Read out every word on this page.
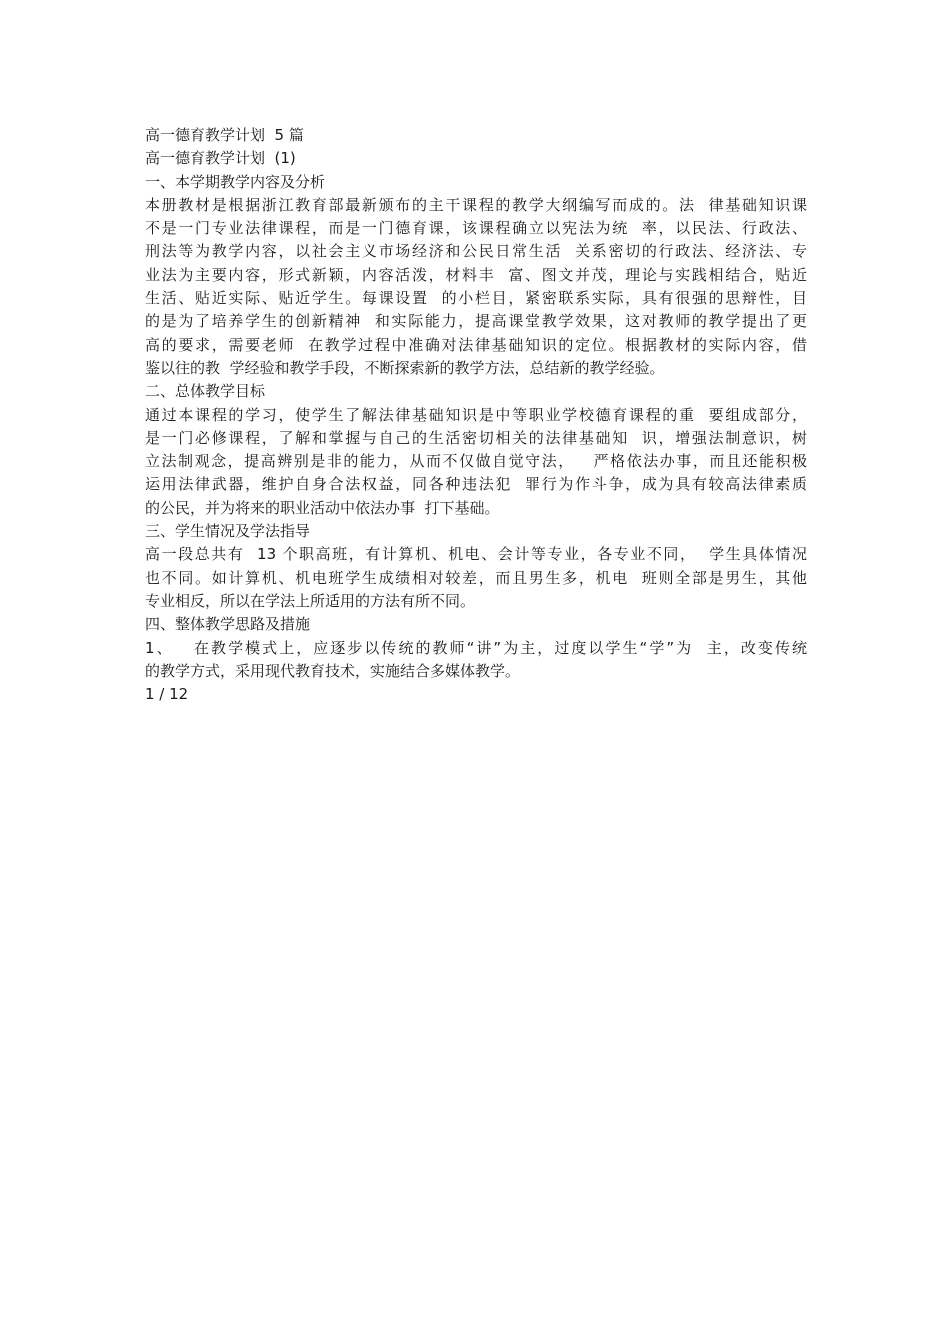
高一德育教学计划  5 篇
高一德育教学计划  (1)
一、本学期教学内容及分析
本册教材是根据浙江教育部最新颁布的主干课程的教学大纲编写而成的。法  律基础知识课
不是一门专业法律课程，而是一门德育课，该课程确立以宪法为统  率，以民法、行政法、
刑法等为教学内容，以社会主义市场经济和公民日常生活  关系密切的行政法、经济法、专
业法为主要内容，形式新颖，内容活泼，材料丰  富、图文并茂，理论与实践相结合，贴近
生活、贴近实际、贴近学生。每课设置  的小栏目，紧密联系实际，具有很强的思辩性，目
的是为了培养学生的创新精神  和实际能力，提高课堂教学效果，这对教师的教学提出了更
高的要求，需要老师  在教学过程中准确对法律基础知识的定位。根据教材的实际内容，借
鉴以往的教  学经验和教学手段，不断探索新的教学方法，总结新的教学经验。
二、总体教学目标
通过本课程的学习，使学生了解法律基础知识是中等职业学校德育课程的重  要组成部分，
是一门必修课程，了解和掌握与自己的生活密切相关的法律基础知  识，增强法制意识，树
立法制观念，提高辨别是非的能力，从而不仅做自觉守法，   严格依法办事，而且还能积极
运用法律武器，维护自身合法权益，同各种违法犯  罪行为作斗争，成为具有较高法律素质
的公民，并为将来的职业活动中依法办事  打下基础。
三、学生情况及学法指导
高一段总共有  13 个职高班，有计算机、机电、会计等专业，各专业不同，  学生具体情况
也不同。如计算机、机电班学生成绩相对较差，而且男生多，机电  班则全部是男生，其他
专业相反，所以在学法上所适用的方法有所不同。
四、整体教学思路及措施
1、   在教学模式上，应逐步以传统的教师“讲”为主，过度以学生“学”为  主，改变传统
的教学方式，采用现代教育技术，实施结合多媒体教学。
1 / 12
